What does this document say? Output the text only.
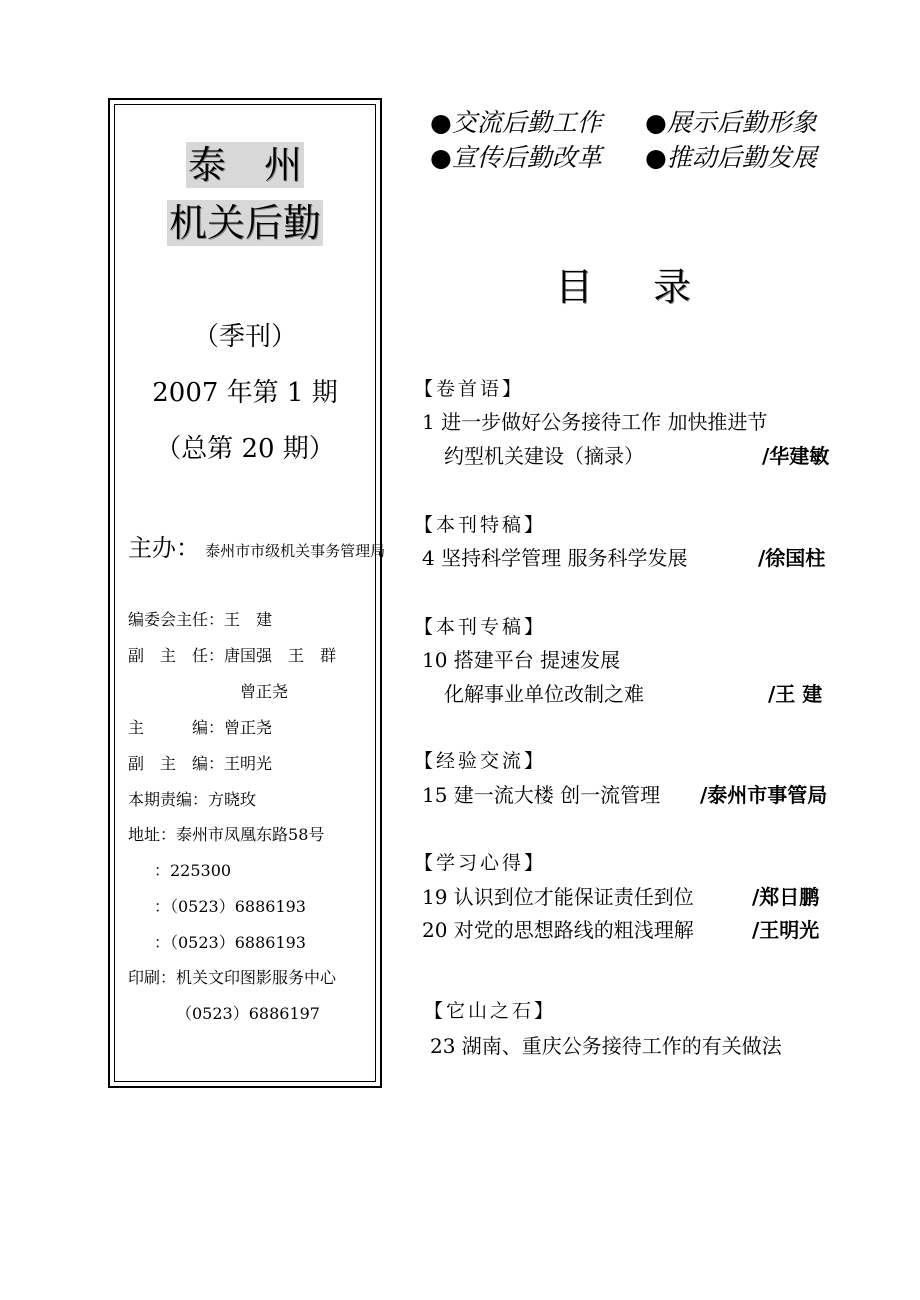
泰　州
机关后勤
（季刊）
2007 年第 1 期
（总第 20 期）
主办： 泰州市市级机关事务管理局
编委会主任：王　建
副　主　任：唐国强　王　群
曾正尧
主　　　编：曾正尧
副　主　编：王明光
本期责编：方晓玫
地址：泰州市凤凰东路58号
：225300
：（0523）6886193
：（0523）6886193
印刷：机关文印图影服务中心
（0523）6886197
●交流后勤工作 ●展示后勤形象
●宣传后勤改革 ●推动后勤发展
目录
【卷首语】
1 进一步做好公务接待工作 加快推进节
约型机关建设（摘录）	/华建敏
【本刊特稿】
4 坚持科学管理 服务科学发展	/徐国柱
【本刊专稿】
10 搭建平台 提速发展
化解事业单位改制之难	/王 建
【经验交流】
15 建一流大楼 创一流管理 /泰州市事管局
【学习心得】
19 认识到位才能保证责任到位	/郑日鹏
20 对党的思想路线的粗浅理解	/王明光
【它山之石】
23 湖南、重庆公务接待工作的有关做法
